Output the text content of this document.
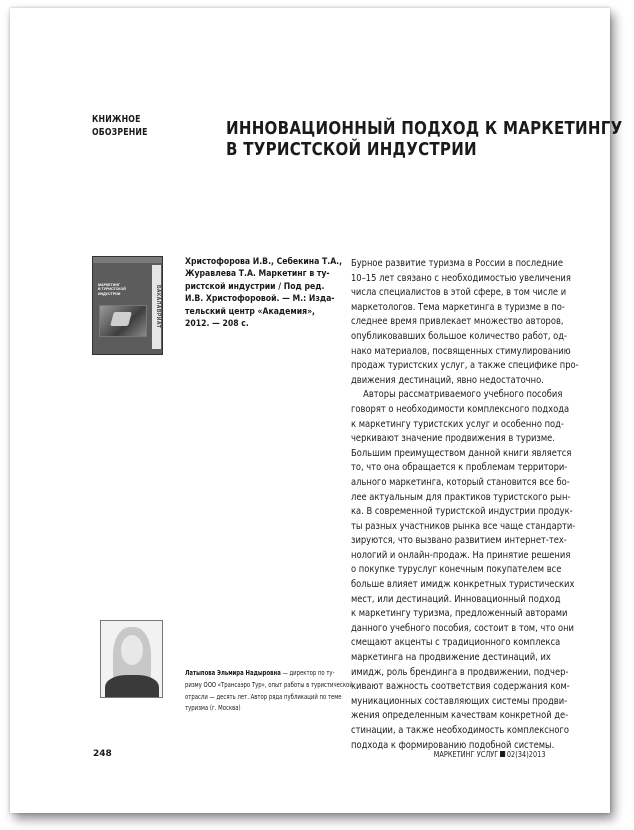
КНИЖНОЕ
ОБОЗРЕНИЕ	ИННОВАЦИОННЫЙ ПОДХОД К МАРКЕТИНГУ
В ТУРИСТСКОЙ ИНДУСТРИИ
МАРКЕТИНГ
В ТУРИСТСКОЙ
ИНДУСТРИИ	БАКАЛАВРИАТ
Христофорова И.В., Себекина Т.А.,
Журавлева Т.А. Маркетинг в ту-
ристской индустрии / Под ред.
И.В. Христофоровой. — М.: Изда-
тельский центр «Академия»,
2012. — 208 с.
Бурное развитие туризма в России в последние
10–15 лет связано с необходимостью увеличения
числа специалистов в этой сфере, в том числе и
маркетологов. Тема маркетинга в туризме в по-
следнее время привлекает множество авторов,
опубликовавших большое количество работ, од-
нако материалов, посвященных стимулированию
продаж туристских услуг, а также специфике про-
движения дестинаций, явно недостаточно.
Авторы рассматриваемого учебного пособия
говорят о необходимости комплексного подхода
к маркетингу туристских услуг и особенно под-
черкивают значение продвижения в туризме.
Большим преимуществом данной книги является
то, что она обращается к проблемам территори-
ального маркетинга, который становится все бо-
лее актуальным для практиков туристского рын-
ка. В современной туристской индустрии продук-
ты разных участников рынка все чаще стандарти-
зируются, что вызвано развитием интернет-тех-
нологий и онлайн-продаж. На принятие решения
о покупке туруслуг конечным покупателем все
больше влияет имидж конкретных туристических
мест, или дестинаций. Инновационный подход
к маркетингу туризма, предложенный авторами
данного учебного пособия, состоит в том, что они
смещают акценты с традиционного комплекса
маркетинга на продвижение дестинаций, их
имидж, роль брендинга в продвижении, подчер-
кивают важность соответствия содержания ком-
муникационных составляющих системы продви-
жения определенным качествам конкретной де-
стинации, а также необходимость комплексного
подхода к формированию подобной системы.
Латыпова Эльмира Надыровна — директор по ту-
ризму ООО «Трансаэро Тур», опыт работы в туристической
отрасли — десять лет. Автор ряда публикаций по теме
туризма (г. Москва)
248	МАРКЕТИНГ УСЛУГ 02(34)2013
